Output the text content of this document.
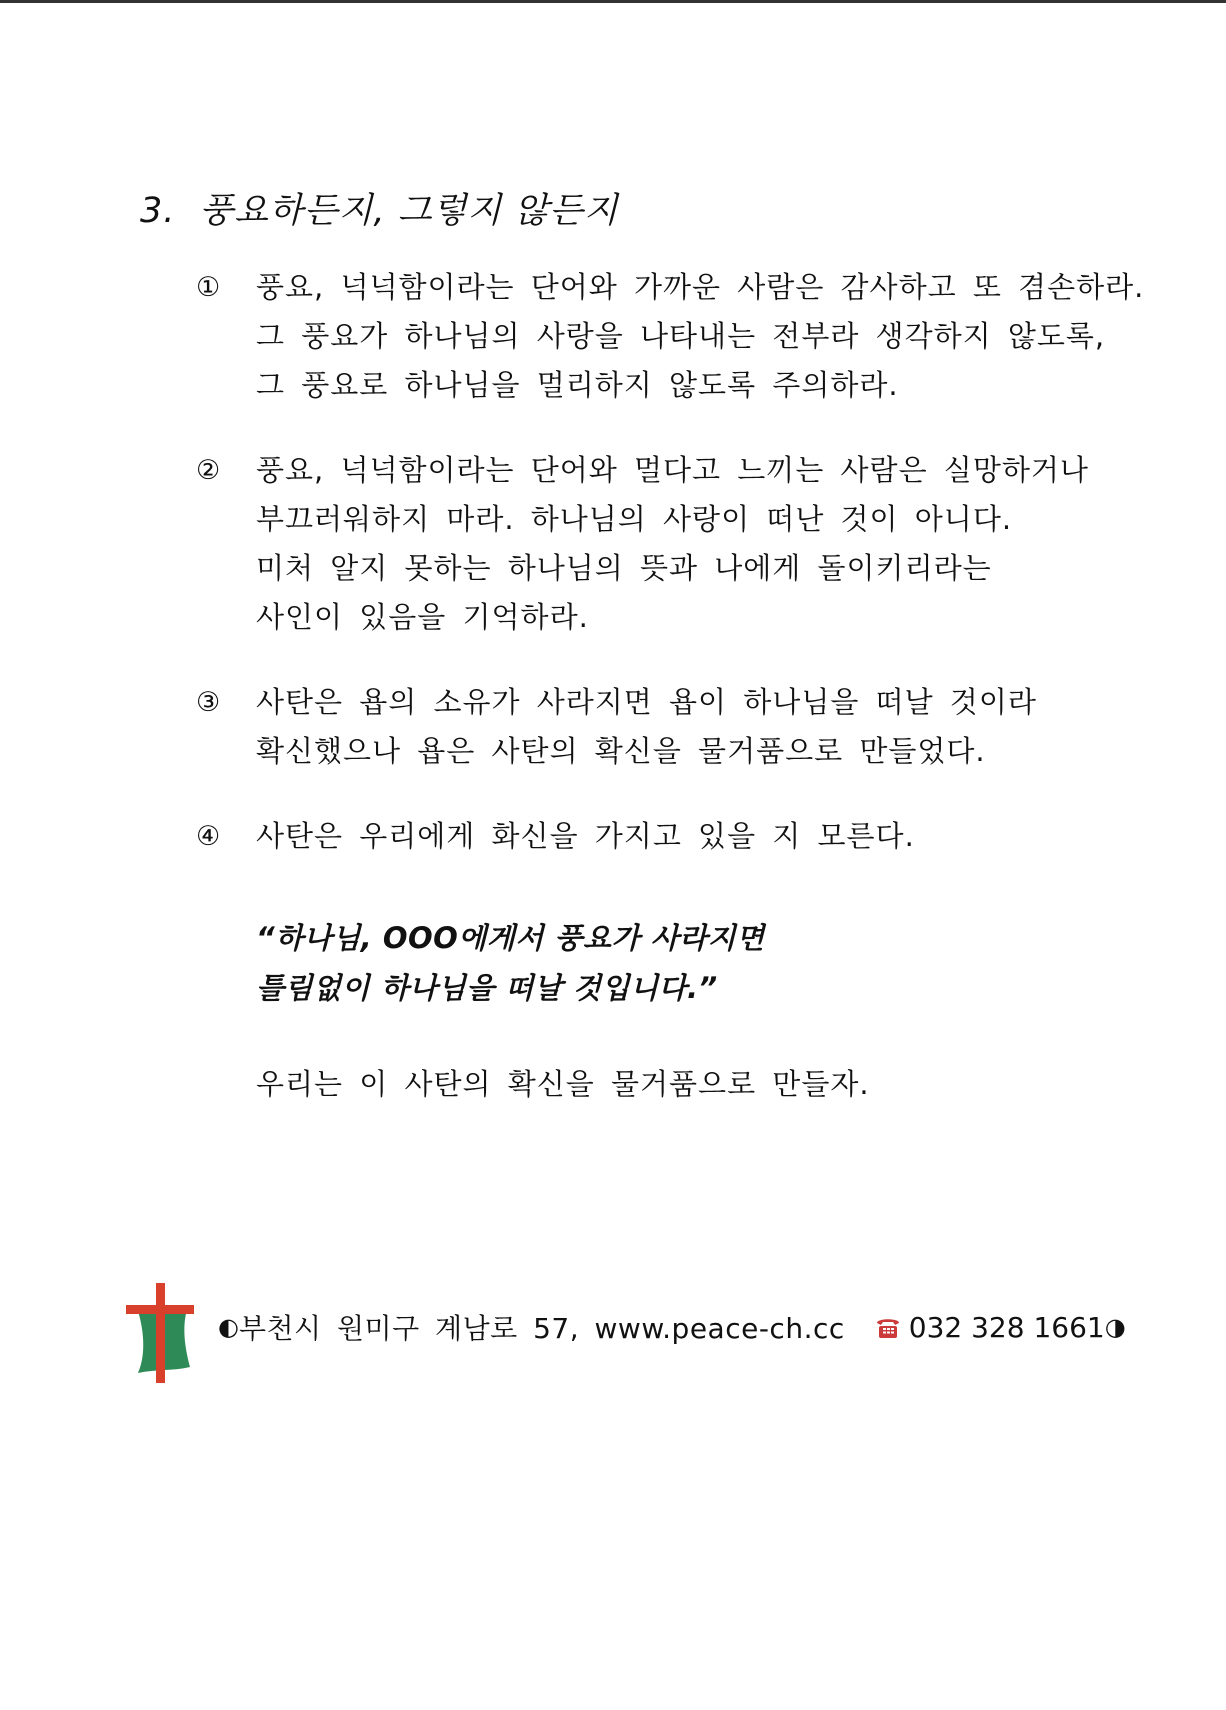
3. 풍요하든지, 그렇지 않든지
①	풍요, 넉넉함이라는 단어와 가까운 사람은 감사하고 또 겸손하라.
그 풍요가 하나님의 사랑을 나타내는 전부라 생각하지 않도록,
그 풍요로 하나님을 멀리하지 않도록 주의하라.
②	풍요, 넉넉함이라는 단어와 멀다고 느끼는 사람은 실망하거나
부끄러워하지 마라. 하나님의 사랑이 떠난 것이 아니다.
미처 알지 못하는 하나님의 뜻과 나에게 돌이키리라는
사인이 있음을 기억하라.
③	사탄은 욥의 소유가 사라지면 욥이 하나님을 떠날 것이라
확신했으나 욥은 사탄의 확신을 물거품으로 만들었다.
④	사탄은 우리에게 화신을 가지고 있을 지 모른다.
“하나님, OOO에게서 풍요가 사라지면
틀림없이 하나님을 떠날 것입니다.”
우리는 이 사탄의 확신을 물거품으로 만들자.
◐ 부천시 원미구 계남로 57, www.peace-ch.cc 032 328 1661 ◑
